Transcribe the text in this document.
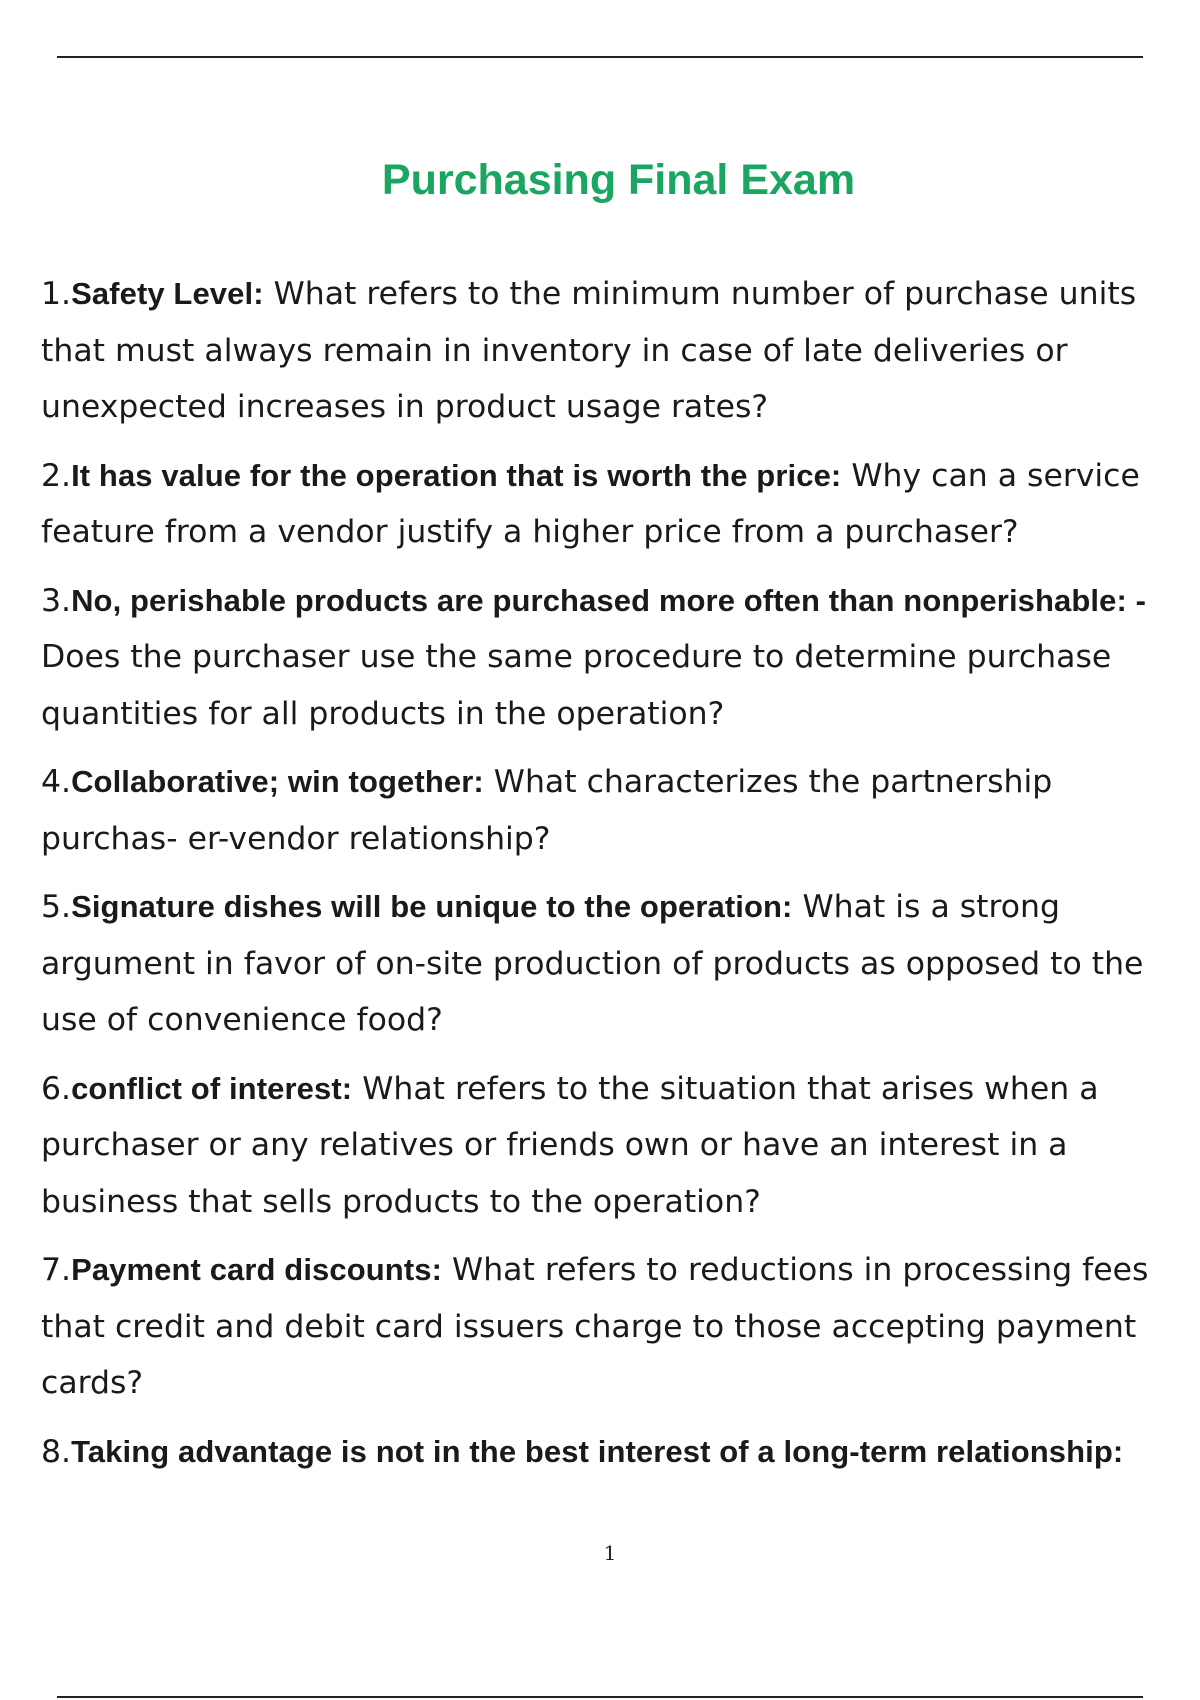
Purchasing Final Exam
1.Safety Level: What refers to the minimum number of purchase units that must always remain in inventory in case of late deliveries or unexpected increases in product usage rates?
2.It has value for the operation that is worth the price: Why can a service feature from a vendor justify a higher price from a purchaser?
3.No, perishable products are purchased more often than nonperishable: - Does the purchaser use the same procedure to determine purchase quantities for all products in the operation?
4.Collaborative; win together: What characterizes the partnership purchas- er-vendor relationship?
5.Signature dishes will be unique to the operation: What is a strong argument in favor of on-site production of products as opposed to the use of convenience food?
6.conflict of interest: What refers to the situation that arises when a purchaser or any relatives or friends own or have an interest in a business that sells products to the operation?
7.Payment card discounts: What refers to reductions in processing fees that credit and debit card issuers charge to those accepting payment cards?
8.Taking advantage is not in the best interest of a long-term relationship:
1
